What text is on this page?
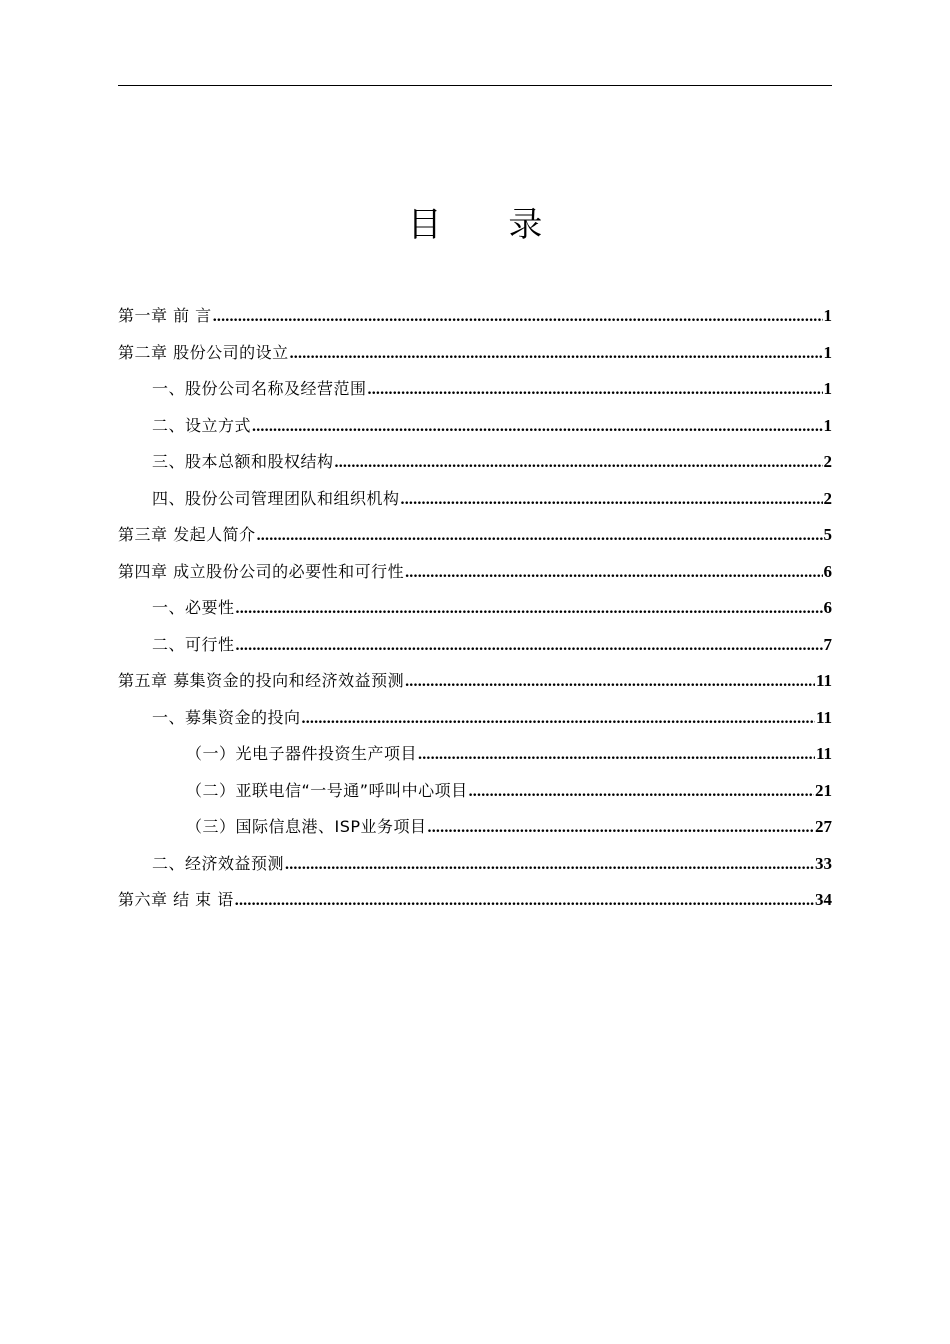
目 录
第一章 前 言 .....	1
第二章 股份公司的设立 .....	1
一、股份公司名称及经营范围 .....	1
二、设立方式 .....	1
三、股本总额和股权结构 .....	2
四、股份公司管理团队和组织机构 .....	2
第三章 发起人简介 .....	5
第四章 成立股份公司的必要性和可行性 .....	6
一、必要性 .....	6
二、可行性 .....	7
第五章 募集资金的投向和经济效益预测 .....	11
一、募集资金的投向 .....	11
（一）光电子器件投资生产项目 .....	11
（二）亚联电信“一号通”呼叫中心项目 .....	21
（三）国际信息港、ISP业务项目 .....	27
二、经济效益预测 .....	33
第六章 结 束 语 .....	34
